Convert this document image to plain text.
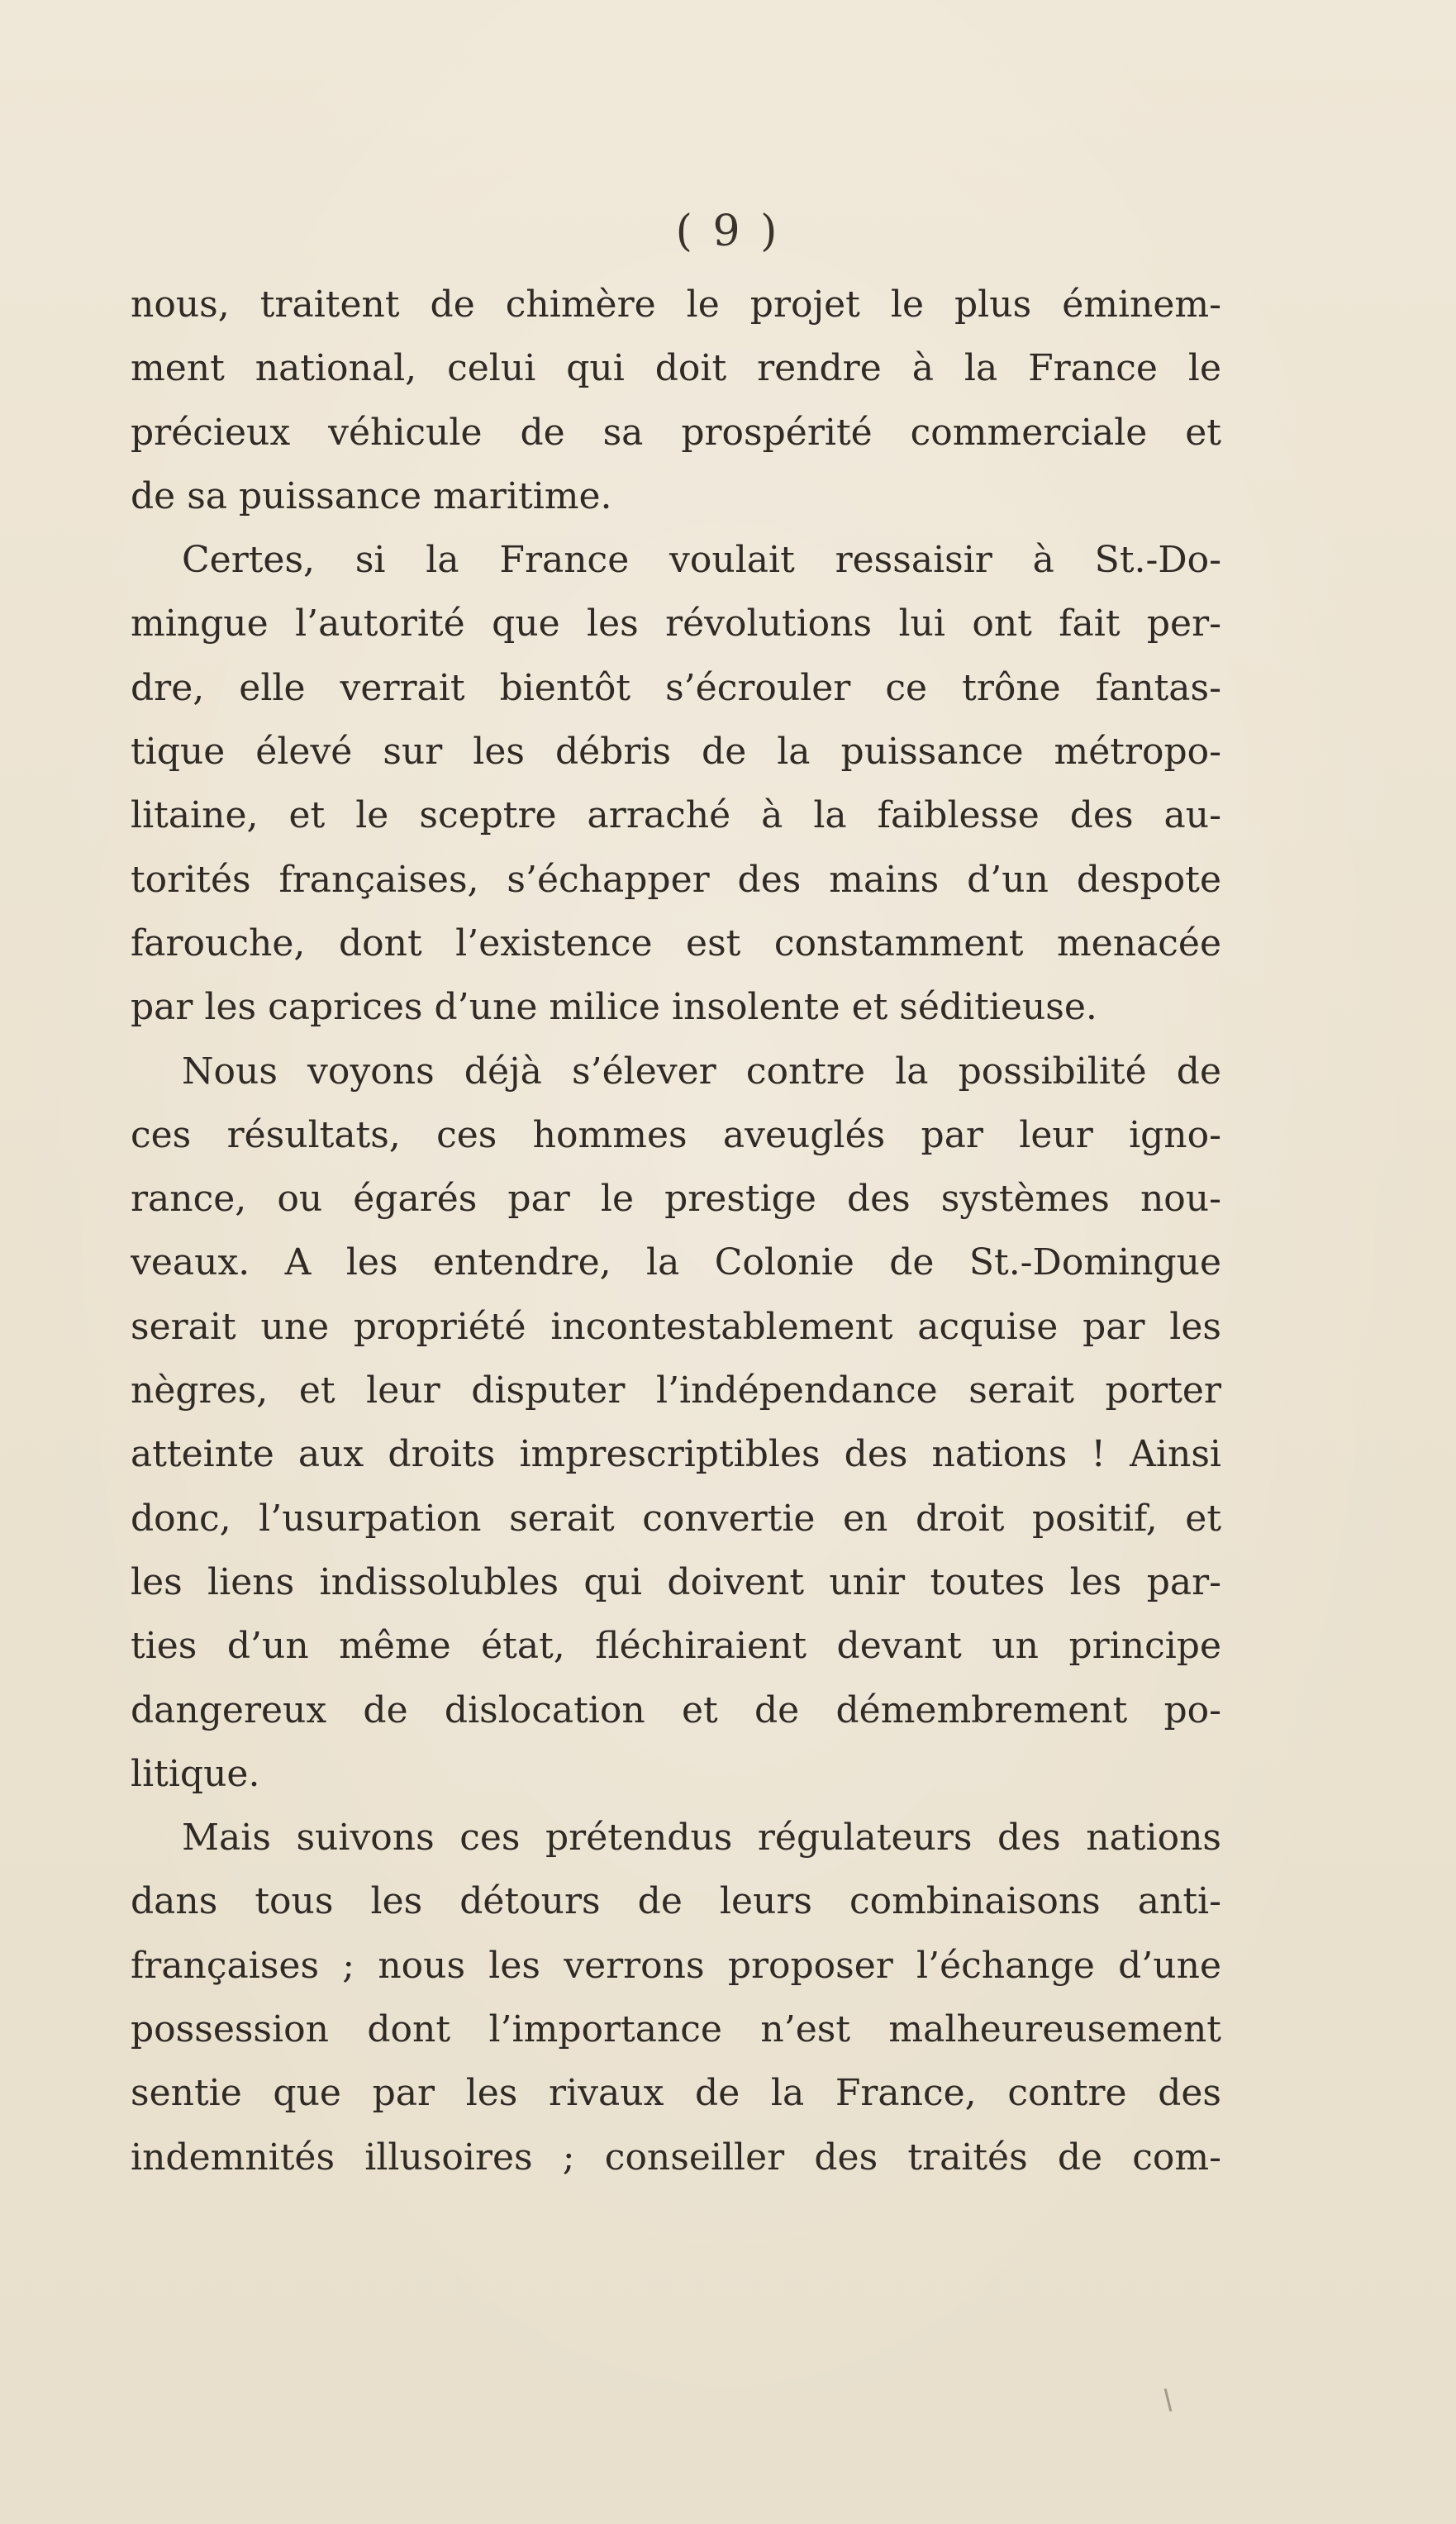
( 9 )
nous, traitent de chimère le projet le plus éminem-
ment national, celui qui doit rendre à la France le
précieux véhicule de sa prospérité commerciale et
de sa puissance maritime.
Certes, si la France voulait ressaisir à St.-Do-
mingue l’autorité que les révolutions lui ont fait per-
dre, elle verrait bientôt s’écrouler ce trône fantas-
tique élevé sur les débris de la puissance métropo-
litaine, et le sceptre arraché à la faiblesse des au-
torités françaises, s’échapper des mains d’un despote
farouche, dont l’existence est constamment menacée
par les caprices d’une milice insolente et séditieuse.
Nous voyons déjà s’élever contre la possibilité de
ces résultats, ces hommes aveuglés par leur igno-
rance, ou égarés par le prestige des systèmes nou-
veaux. A les entendre, la Colonie de St.-Domingue
serait une propriété incontestablement acquise par les
nègres, et leur disputer l’indépendance serait porter
atteinte aux droits imprescriptibles des nations ! Ainsi
donc, l’usurpation serait convertie en droit positif, et
les liens indissolubles qui doivent unir toutes les par-
ties d’un même état, fléchiraient devant un principe
dangereux de dislocation et de démembrement po-
litique.
Mais suivons ces prétendus régulateurs des nations
dans tous les détours de leurs combinaisons anti-
françaises ; nous les verrons proposer l’échange d’une
possession dont l’importance n’est malheureusement
sentie que par les rivaux de la France, contre des
indemnités illusoires ; conseiller des traités de com-
